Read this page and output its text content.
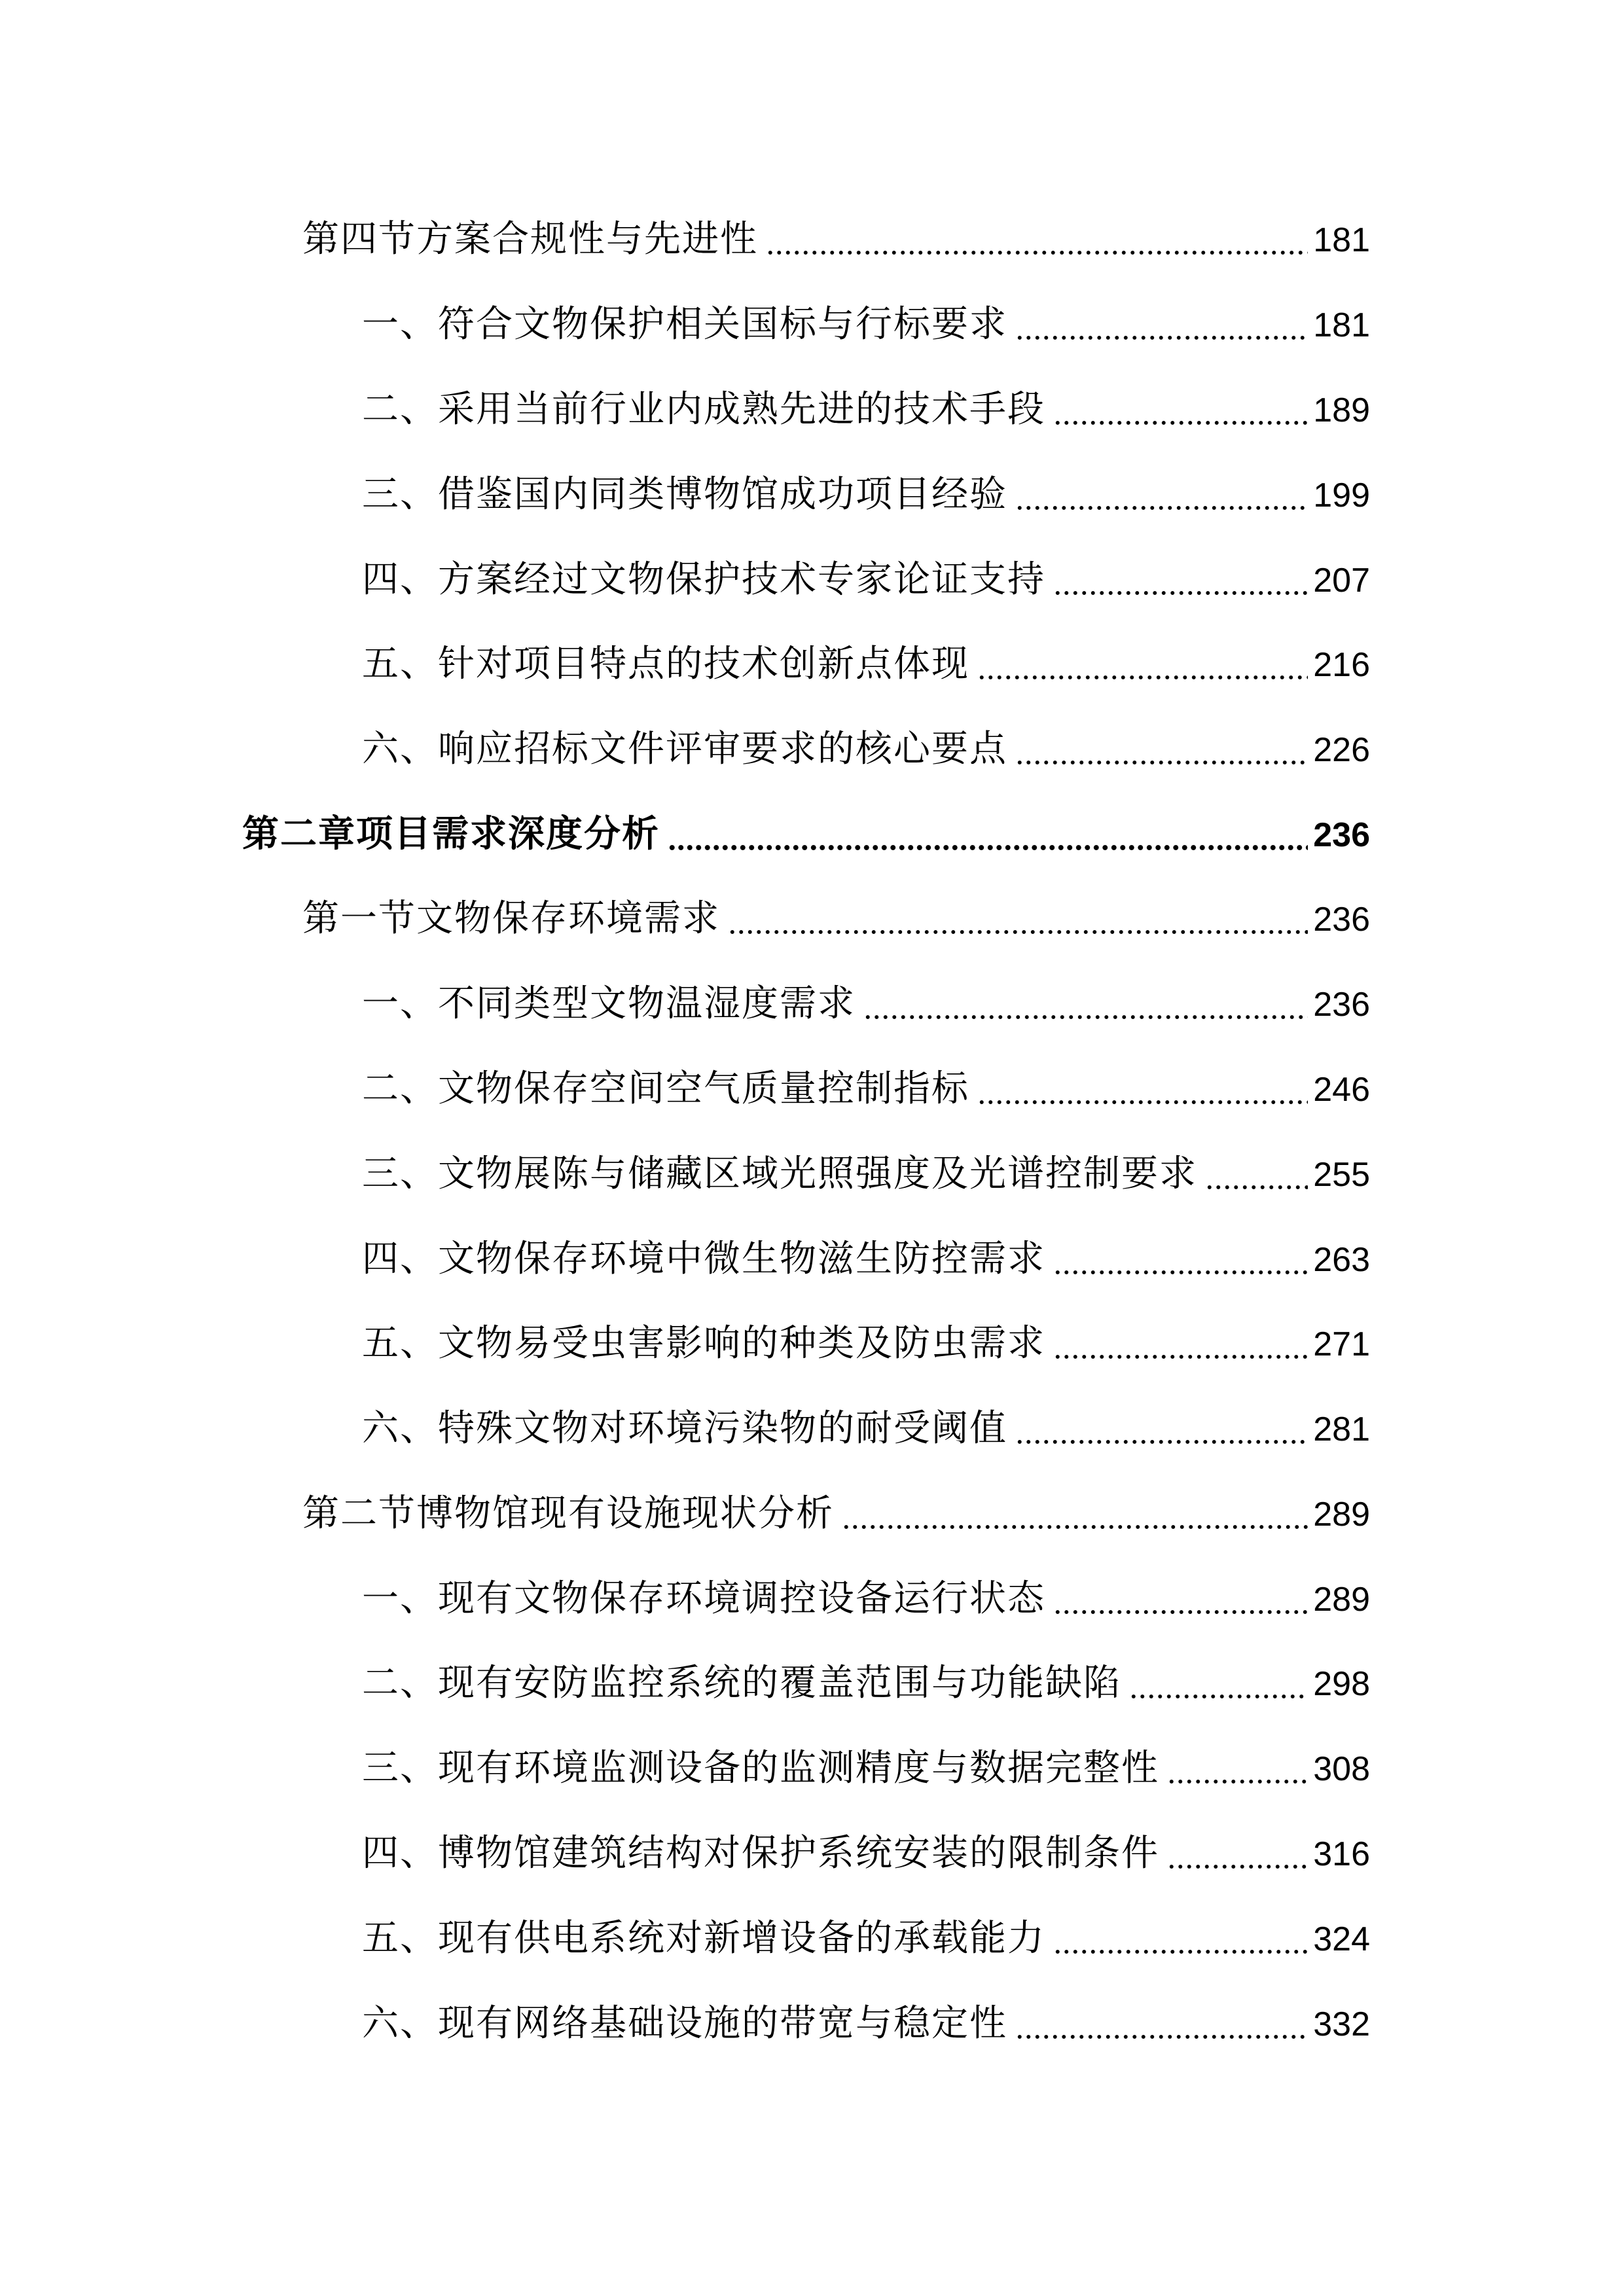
第四节方案合规性与先进性	181
一、符合文物保护相关国标与行标要求	181
二、采用当前行业内成熟先进的技术手段	189
三、借鉴国内同类博物馆成功项目经验	199
四、方案经过文物保护技术专家论证支持	207
五、针对项目特点的技术创新点体现	216
六、响应招标文件评审要求的核心要点	226
第二章项目需求深度分析	236
第一节文物保存环境需求	236
一、不同类型文物温湿度需求	236
二、文物保存空间空气质量控制指标	246
三、文物展陈与储藏区域光照强度及光谱控制要求	255
四、文物保存环境中微生物滋生防控需求	263
五、文物易受虫害影响的种类及防虫需求	271
六、特殊文物对环境污染物的耐受阈值	281
第二节博物馆现有设施现状分析	289
一、现有文物保存环境调控设备运行状态	289
二、现有安防监控系统的覆盖范围与功能缺陷	298
三、现有环境监测设备的监测精度与数据完整性	308
四、博物馆建筑结构对保护系统安装的限制条件	316
五、现有供电系统对新增设备的承载能力	324
六、现有网络基础设施的带宽与稳定性	332
